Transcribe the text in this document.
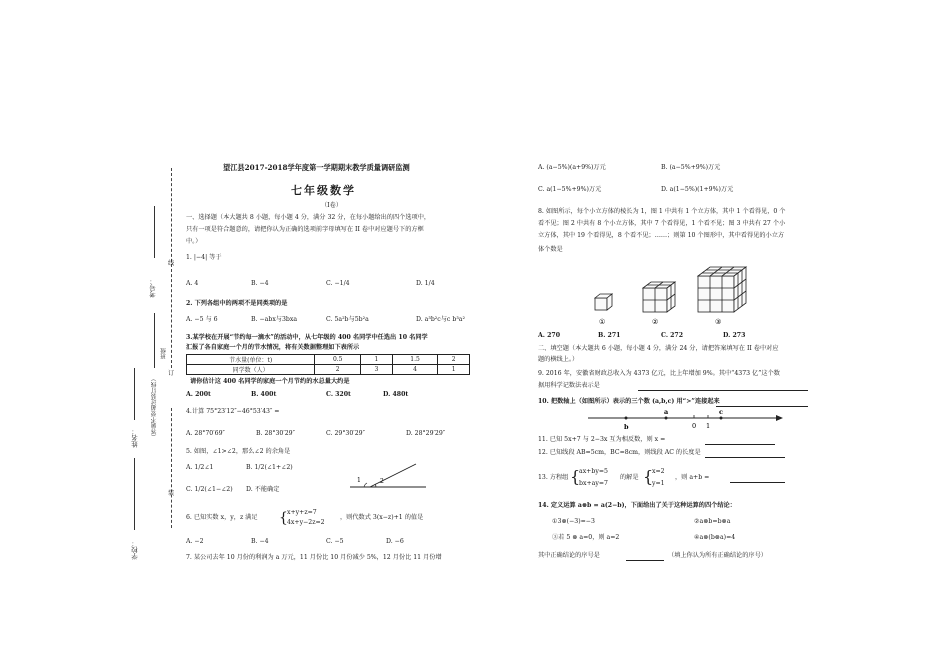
考号：
班级
（答题不要超过装订线）
姓名：
学校：
线
订
装
望江县2017-2018学年度第一学期期末教学质量调研监测
七年级数学
（I卷）
一、选择题（本大题共 8 小题，每小题 4 分，满分 32 分，在每小题给出的四个选项中，
只有一项是符合题意的，请把你认为正确的选项前字母填写在 II 卷中对应题号下的方框
中。）
1. |−4| 等于
A. 4	B. −4	C. −1/4	D. 1/4
2. 下列各组中的两项不是同类项的是
A. −5 与 6	B. −abx与3bxa	C. 5a²b与5b²a	D. a³b²c与c b³a²
3.某学校在开展“节约每一滴水”的活动中，从七年级的 400 名同学中任选出 10 名同学
汇报了各自家庭一个月的节水情况，将有关数据整理如下表所示
节水量(单位：t)	0.5	1	1.5	2
同学数（人）	2	3	4	1
请你估计这 400 名同学的家庭一个月节约的水总量大约是
A. 200t	B. 400t	C. 320t	D. 480t
4.计算 75°23′12″−46°53′43″ =
A. 28°70′69″	B. 28°30′29″	C. 29°30′29″	D. 28°29′29″
5. 如图，∠1>∠2，那么∠2 的余角是
A. 1/2∠1	B. 1/2(∠1+∠2)
C. 1/2(∠1−∠2) D. 不能确定
1	2
6. 已知实数 x，y，z 满足 { x+y+z=7
4x+y−2z=2
，则代数式 3(x−z)+1 的值是
A. −2	B. −4	C. −5	D. −6
7. 某公司去年 10 月份的利润为 a 万元，11 月份比 10 月份减少 5%，12 月份比 11 月份增
A. (a−5%)(a+9%)万元	B. (a−5%+9%)万元
C. a(1−5%+9%)万元	D. a(1−5%)(1+9%)万元
8. 如图所示，每个小立方体的棱长为 1，图 1 中共有 1 个立方体，其中 1 个看得见，0 个
看不见；图 2 中共有 8 个小立方体，其中 7 个看得见，1 个看不见；图 3 中共有 27 个小
立方体，其中 19 个看得见，8 个看不见；……；则第 10 个图形中，其中看得见的小立方
体个数是
①	②	③
A. 270	B. 271	C. 272	D. 273
二、填空题（本大题共 6 小题，每小题 4 分，满分 24 分，请把答案填写在 II 卷中对应
题的横线上。）
9. 2016 年，安徽省财政总收入为 4373 亿元，比上年增加 9%。其中“4373 亿”这个数
据用科学记数法表示是
10. 把数轴上（如图所示）表示的三个数 (a,b,c) 用“>”连接起来
b
a
0 1
c
11. 已知 5x+7 与 2−3x 互为相反数，则 x =
12. 已知线段 AB=5cm，BC=8cm，则线段 AC 的长度是
13. 方程组 {
ax+by=5
bx+ay=7
的解是 {
x=2
y=1
，则 a+b =
14. 定义运算 a⊗b = a(2−b)，下面给出了关于这种运算的四个结论：
①3⊗(−3)=−3	②a⊗b=b⊗a
③若 5 ⊗ a=0，则 a=2	④a⊗(b⊗a)=4
其中正确结论的序号是	（填上你认为所有正确结论的序号）
